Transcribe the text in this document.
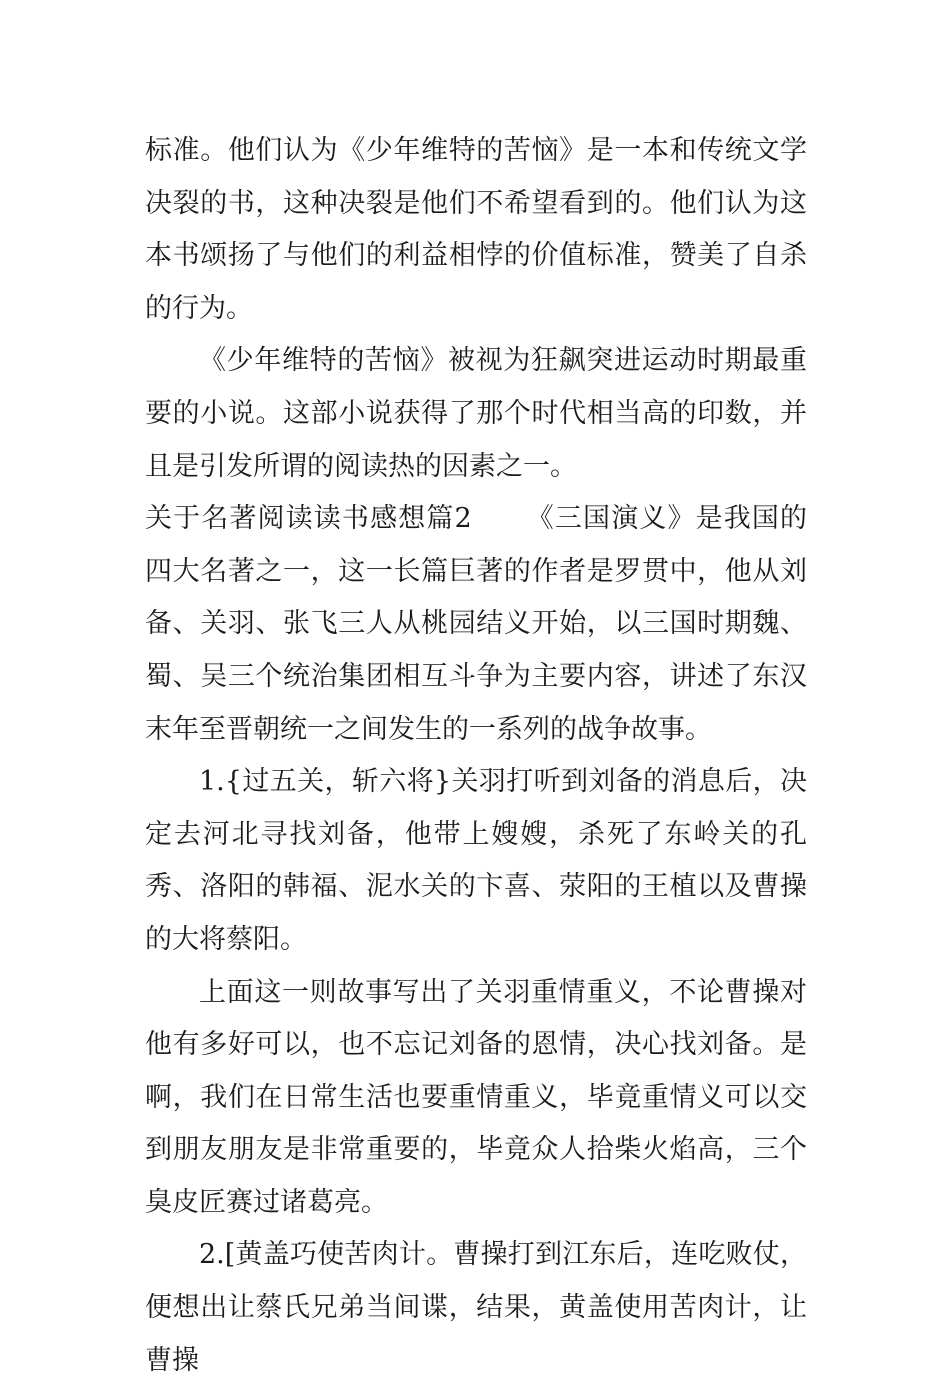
标准。他们认为《少年维特的苦恼》是一本和传统文学决裂的书，这种决裂是他们不希望看到的。他们认为这本书颂扬了与他们的利益相悖的价值标准，赞美了自杀的行为。

《少年维特的苦恼》被视为狂飙突进运动时期最重要的小说。这部小说获得了那个时代相当高的印数，并且是引发所谓的阅读热的因素之一。

关于名著阅读读书感想篇2 《三国演义》是我国的四大名著之一，这一长篇巨著的作者是罗贯中，他从刘备、关羽、张飞三人从桃园结义开始，以三国时期魏、蜀、吴三个统治集团相互斗争为主要内容，讲述了东汉末年至晋朝统一之间发生的一系列的战争故事。

1.{过五关，斩六将}关羽打听到刘备的消息后，决定去河北寻找刘备，他带上嫂嫂，杀死了东岭关的孔秀、洛阳的韩福、泥水关的卞喜、荥阳的王植以及曹操的大将蔡阳。

上面这一则故事写出了关羽重情重义，不论曹操对他有多好可以，也不忘记刘备的恩情，决心找刘备。是啊，我们在日常生活也要重情重义，毕竟重情义可以交到朋友朋友是非常重要的，毕竟众人拾柴火焰高，三个臭皮匠赛过诸葛亮。

2.[黄盖巧使苦肉计。曹操打到江东后，连吃败仗，便想出让蔡氏兄弟当间谍，结果，黄盖使用苦肉计，让曹操
